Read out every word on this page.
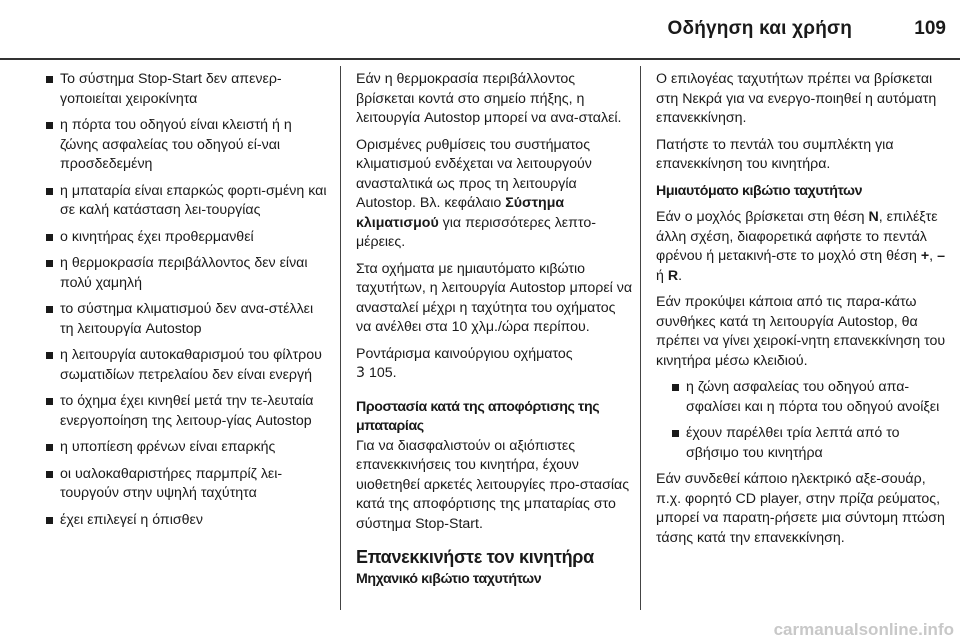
Οδήγηση και χρήση	109
Το σύστημα Stop-Start δεν απενερ-γοποιείται χειροκίνητα
η πόρτα του οδηγού είναι κλειστή ή η ζώνης ασφαλείας του οδηγού εί-ναι προσδεδεμένη
η μπαταρία είναι επαρκώς φορτι-σμένη και σε καλή κατάσταση λει-τουργίας
ο κινητήρας έχει προθερμανθεί
η θερμοκρασία περιβάλλοντος δεν είναι πολύ χαμηλή
το σύστημα κλιματισμού δεν ανα-στέλλει τη λειτουργία Autostop
η λειτουργία αυτοκαθαρισμού του φίλτρου σωματιδίων πετρελαίου δεν είναι ενεργή
το όχημα έχει κινηθεί μετά την τε-λευταία ενεργοποίηση της λειτουρ-γίας Autostop
η υποπίεση φρένων είναι επαρκής
οι υαλοκαθαριστήρες παρμπρίζ λει-τουργούν στην υψηλή ταχύτητα
έχει επιλεγεί η όπισθεν

Εάν η θερμοκρασία περιβάλλοντος βρίσκεται κοντά στο σημείο πήξης, η λειτουργία Autostop μπορεί να ανα-σταλεί.

Ορισμένες ρυθμίσεις του συστήματος κλιματισμού ενδέχεται να λειτουργούν ανασταλτικά ως προς τη λειτουργία Autostop. Βλ. κεφάλαιο Σύστημα κλιματισμού για περισσότερες λεπτο-μέρειες.

Στα οχήματα με ημιαυτόματο κιβώτιο ταχυτήτων, η λειτουργία Autostop μπορεί να ανασταλεί μέχρι η ταχύτητα του οχήματος να ανέλθει στα 10 χλμ./ώρα περίπου.

Ροντάρισμα καινούργιου οχήματος
3 105.

Προστασία κατά της αποφόρτισης της μπαταρίας

Για να διασφαλιστούν οι αξιόπιστες επανεκκινήσεις του κινητήρα, έχουν υιοθετηθεί αρκετές λειτουργίες προ-στασίας κατά της αποφόρτισης της μπαταρίας στο σύστημα Stop-Start.

Επανεκκινήστε τον κινητήρα
Μηχανικό κιβώτιο ταχυτήτων

Ο επιλογέας ταχυτήτων πρέπει να βρίσκεται στη Νεκρά για να ενεργο-ποιηθεί η αυτόματη επανεκκίνηση.

Πατήστε το πεντάλ του συμπλέκτη για επανεκκίνηση του κινητήρα.

Ημιαυτόματο κιβώτιο ταχυτήτων

Εάν ο μοχλός βρίσκεται στη θέση N, επιλέξτε άλλη σχέση, διαφορετικά αφήστε το πεντάλ φρένου ή μετακινή-στε το μοχλό στη θέση +, – ή R.

Εάν προκύψει κάποια από τις παρα-κάτω συνθήκες κατά τη λειτουργία Autostop, θα πρέπει να γίνει χειροκί-νητη επανεκκίνηση του κινητήρα μέσω κλειδιού.

η ζώνη ασφαλείας του οδηγού απα-σφαλίσει και η πόρτα του οδηγού ανοίξει
έχουν παρέλθει τρία λεπτά από το σβήσιμο του κινητήρα

Εάν συνδεθεί κάποιο ηλεκτρικό αξε-σουάρ, π.χ. φορητό CD player, στην πρίζα ρεύματος, μπορεί να παρατη-ρήσετε μια σύντομη πτώση τάσης κατά την επανεκκίνηση.

carmanualsonline.info
